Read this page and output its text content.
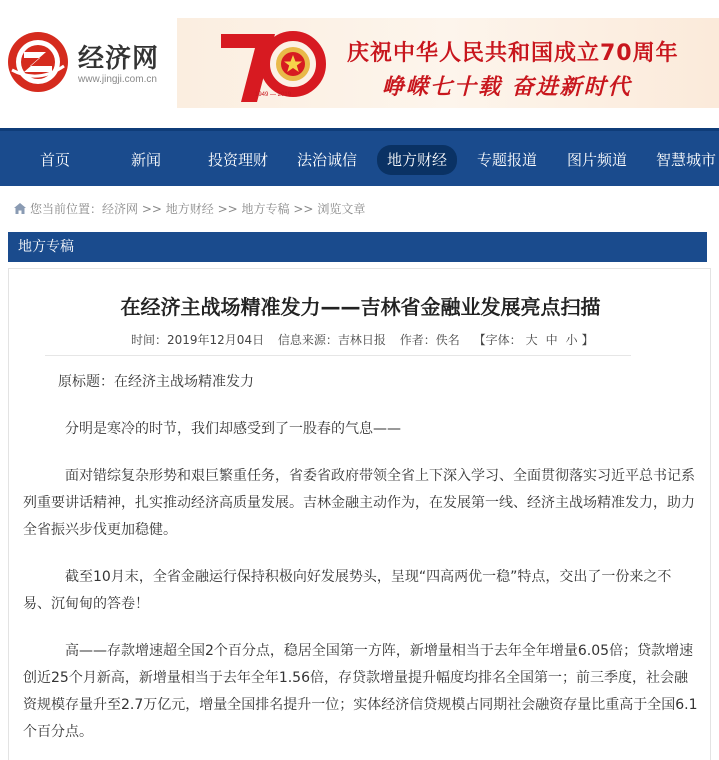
经济网
www.jingji.com.cn
1949 — 2019
庆祝中华人民共和国成立70周年
峥嵘七十载 奋进新时代
首页	新闻	投资理财	法治诚信	地方财经	专题报道	图片频道	智慧城市
您当前位置：经济网 >> 地方财经 >> 地方专稿 >> 浏览文章
地方专稿
在经济主战场精准发力——吉林省金融业发展亮点扫描
时间：2019年12月04日 信息来源：吉林日报 作者：佚名 【字体： 大 中 小 】

原标题：在经济主战场精准发力

分明是寒冷的时节，我们却感受到了一股春的气息——

面对错综复杂形势和艰巨繁重任务，省委省政府带领全省上下深入学习、全面贯彻落实习近平总书记系列重要讲话精神，扎实推动经济高质量发展。吉林金融主动作为，在发展第一线、经济主战场精准发力，助力全省振兴步伐更加稳健。

截至10月末，全省金融运行保持积极向好发展势头，呈现“四高两优一稳”特点，交出了一份来之不易、沉甸甸的答卷！

高——存款增速超全国2个百分点，稳居全国第一方阵，新增量相当于去年全年增量6.05倍；贷款增速创近25个月新高，新增量相当于去年全年1.56倍，存贷款增量提升幅度均排名全国第一；前三季度，社会融资规模存量升至2.7万亿元，增量全国排名提升一位；实体经济信贷规模占同期社会融资存量比重高于全国6.1个百分点。
